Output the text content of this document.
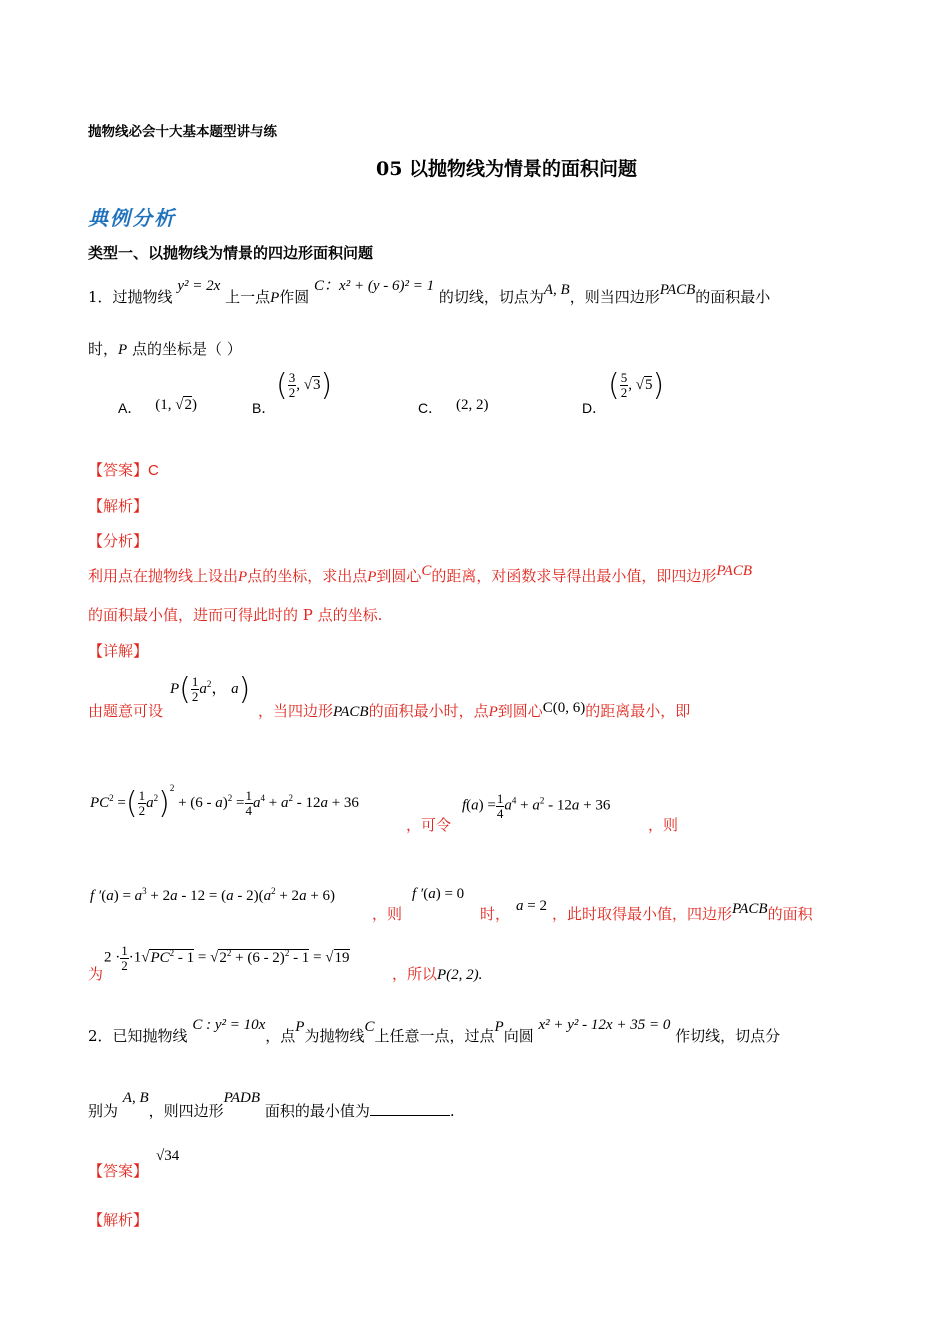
抛物线必会十大基本题型讲与练
05 以抛物线为情景的面积问题
典例分析
类型一、以抛物线为情景的四边形面积问题
1．过抛物线 y² = 2x 上一点P作圆 C：x² + (y - 6)² = 1 的切线，切点为A, B，则当四边形PACB的面积最小
时，P 点的坐标是（ ）
A． (1, √2)	B．
( $\frac{3}{2}$ , √3)
C． (2, 2)	D．
( $\frac{5}{2}$ , √5)
【答案】C
【解析】
【分析】
利用点在抛物线上设出P点的坐标，求出点P到圆心C的距离，对函数求导得出最小值，即四边形PACB
的面积最小值，进而可得此时的 P 点的坐标.
【详解】
由题意可设
$P( \frac{1}{2} a^2$， a)
，当四边形PACB的面积最小时，点P到圆心C(0, 6)的距离最小，即
$PC^2$ =( $\frac{1}{2} a^2)^2 + (6 - a)^2 = \frac{1}{4} a^4 + a^2 - 12a + 36$
，可令
$f(a) = \frac{1}{4} a^4 + a^2 - 12a + 36$
，则
f $'(a) = a^3 + 2a - 12 = (a - 2)(a^2 + 2a + 6)$
，则
f ′(a) = 0
时， a = 2 ，此时取得最小值，四边形PACB的面积
为
$2 \cdot \frac{1}{2} \cdot 1√PC^2 - 1 = √2^2 + (6 - 2)^2 - 1 = √19$
，所以P(2, 2).
2．已知抛物线 C : y² = 10x，点P为抛物线C上任意一点，过点P向圆 x² + y² - 12x + 35 = 0 作切线，切点分
别为 A, B，则四边形PADB 面积的最小值为	.
【答案】
√34
【解析】
